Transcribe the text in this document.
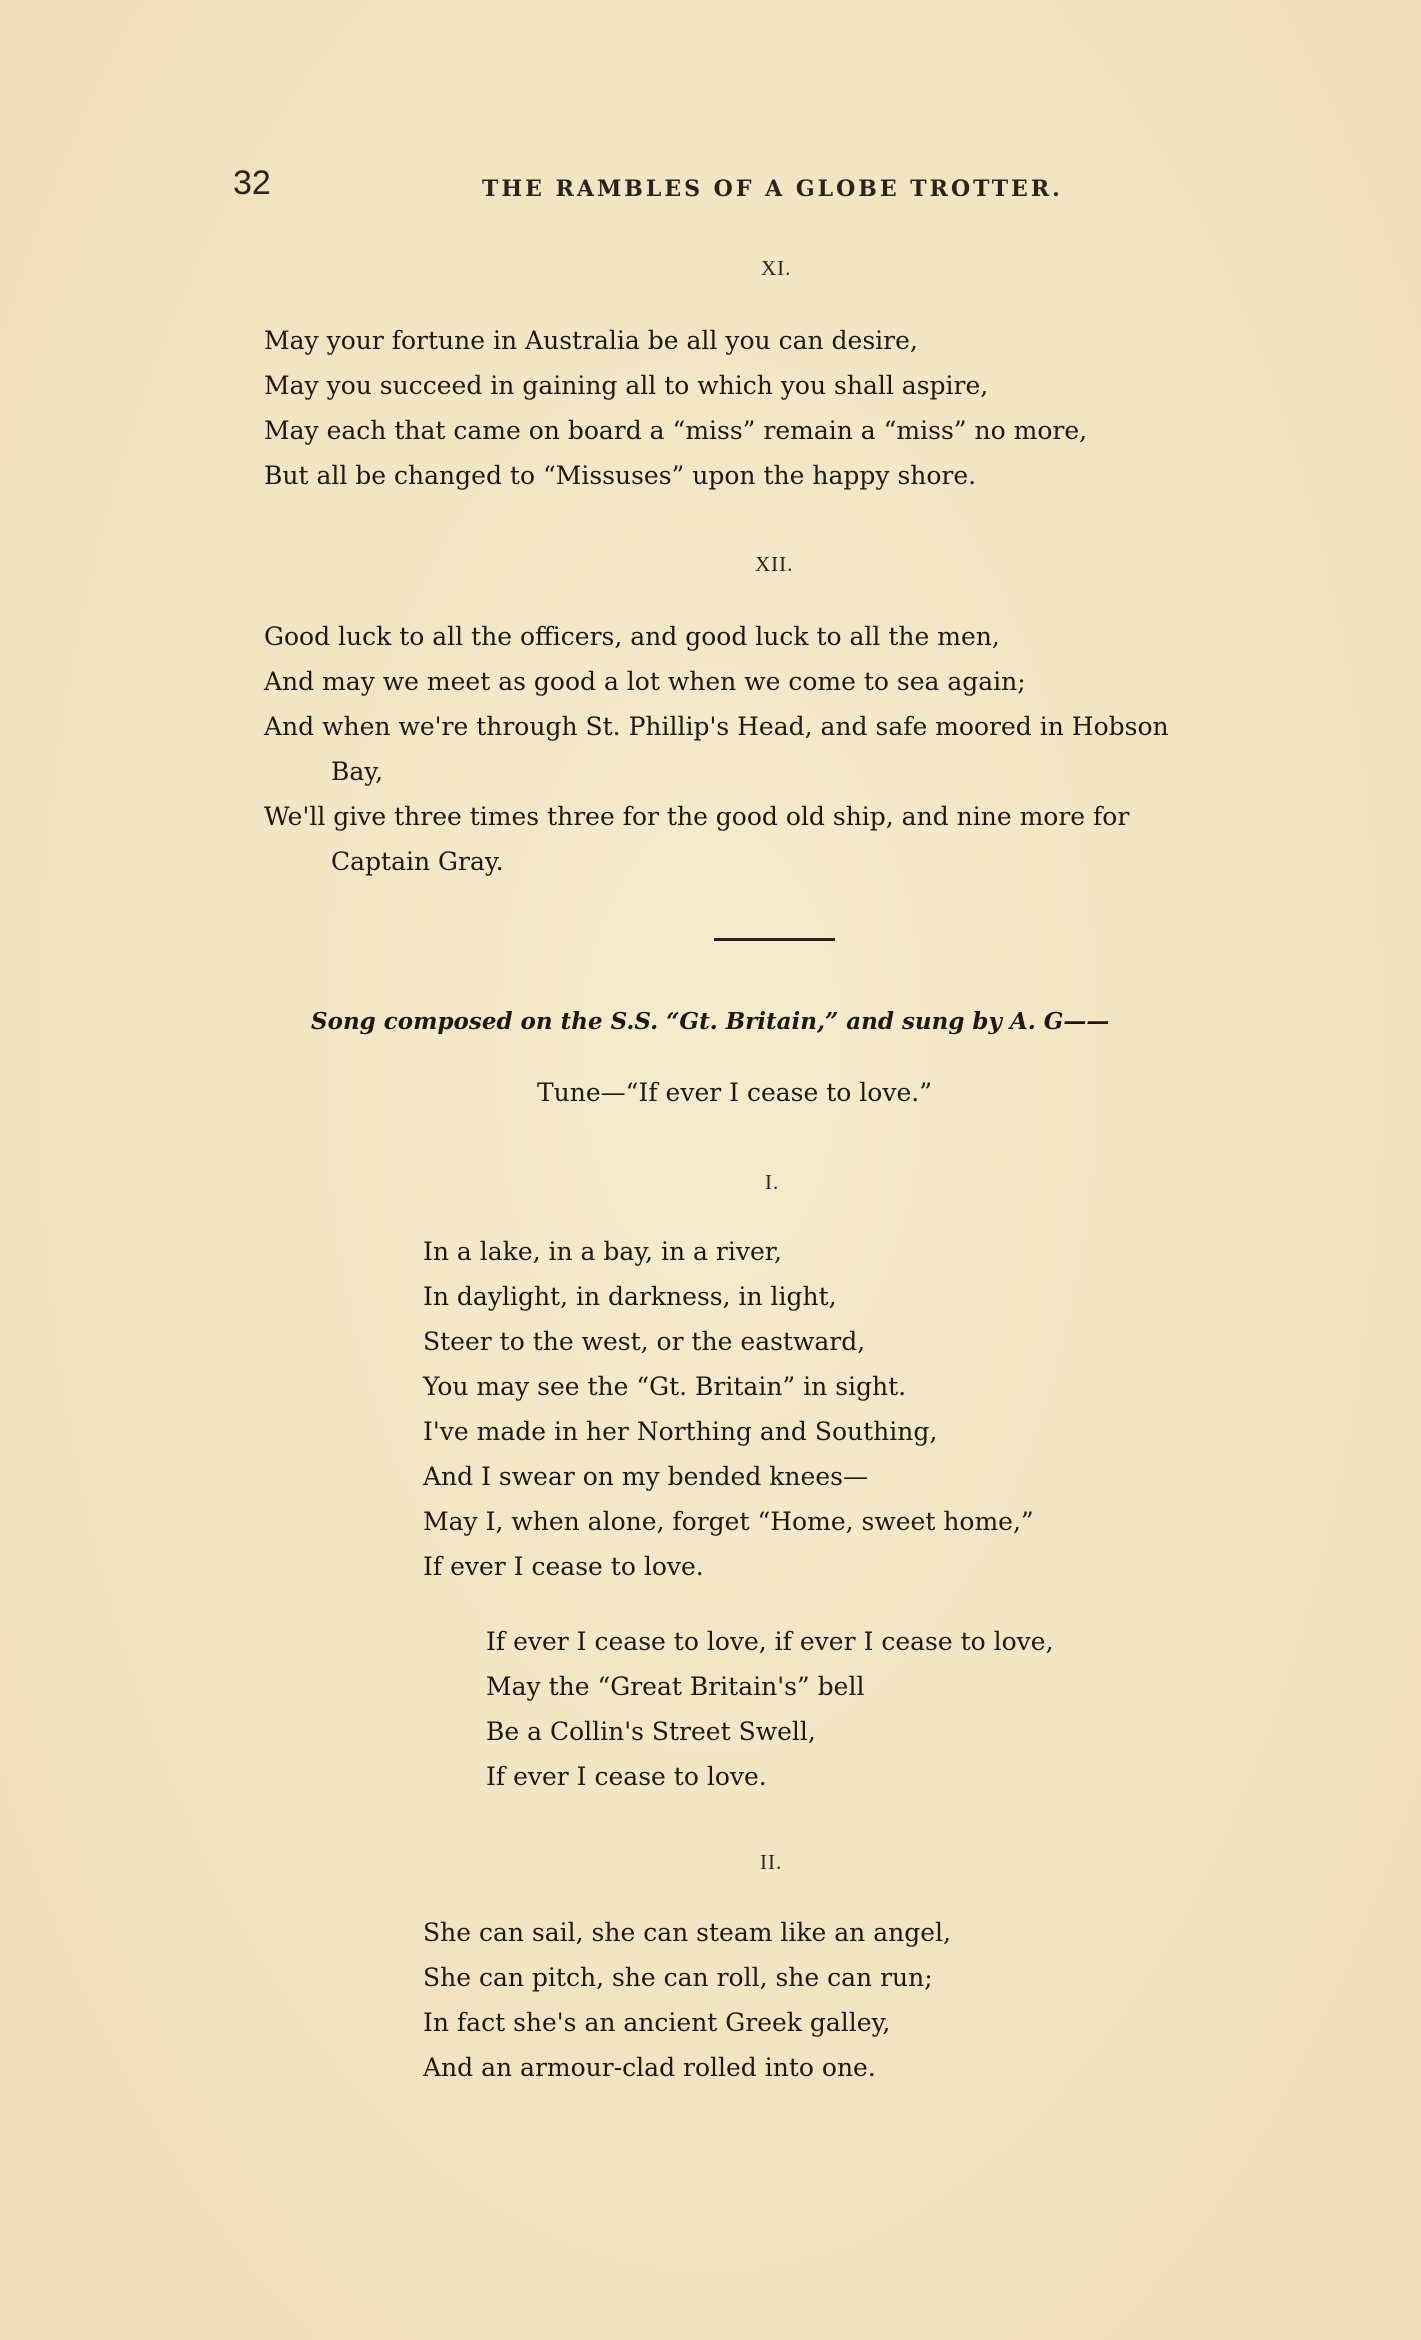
32	THE RAMBLES OF A GLOBE TROTTER.
XI.
May your fortune in Australia be all you can desire,
May you succeed in gaining all to which you shall aspire,
May each that came on board a “miss” remain a “miss” no more,
But all be changed to “Missuses” upon the happy shore.
XII.
Good luck to all the officers, and good luck to all the men,
And may we meet as good a lot when we come to sea again;
And when we're through St. Phillip's Head, and safe moored in Hobson
Bay,
We'll give three times three for the good old ship, and nine more for
Captain Gray.
Song composed on the S.S. “Gt. Britain,” and sung by A. G——
Tune—“If ever I cease to love.”
I.
In a lake, in a bay, in a river,
In daylight, in darkness, in light,
Steer to the west, or the eastward,
You may see the “Gt. Britain” in sight.
I've made in her Northing and Southing,
And I swear on my bended knees—
May I, when alone, forget “Home, sweet home,”
If ever I cease to love.
If ever I cease to love, if ever I cease to love,
May the “Great Britain's” bell
Be a Collin's Street Swell,
If ever I cease to love.
II.
She can sail, she can steam like an angel,
She can pitch, she can roll, she can run;
In fact she's an ancient Greek galley,
And an armour-clad rolled into one.
